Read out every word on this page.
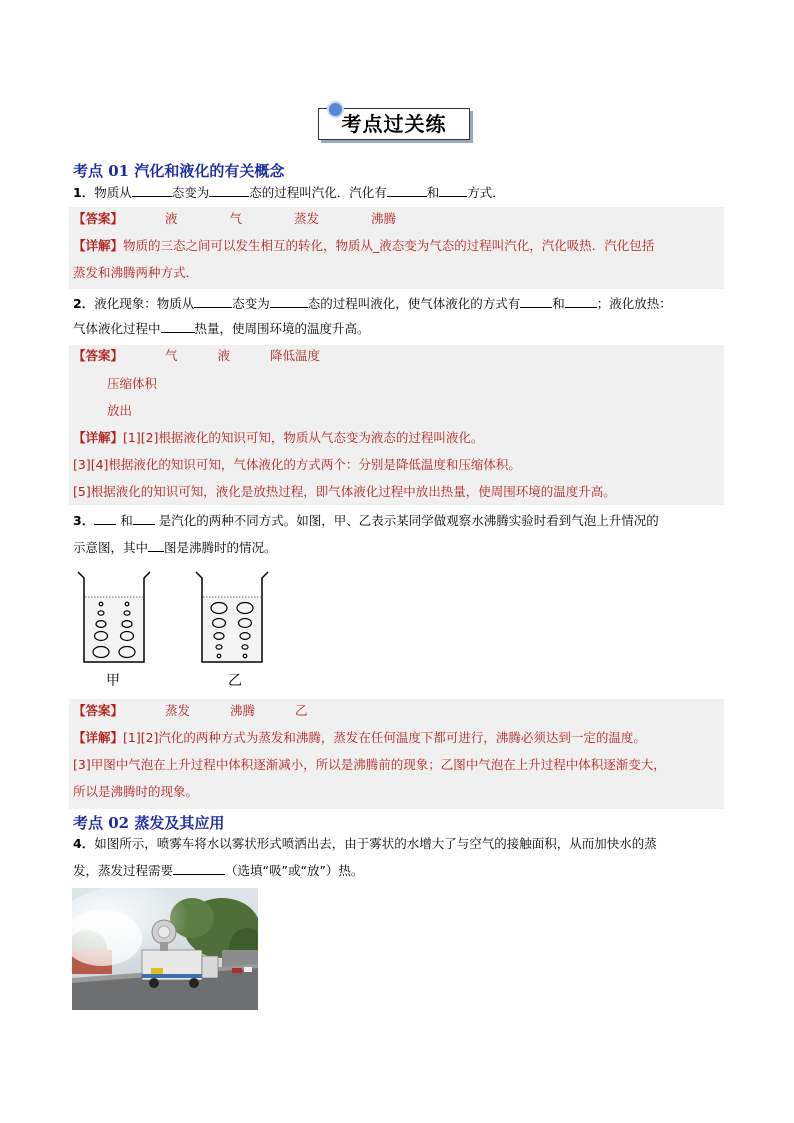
考点过关练
考点 01 汽化和液化的有关概念
1．物质从	态变为	态的过程叫汽化．汽化有	和 方式．
【答案】	液	气	蒸发	沸腾
【详解】物质的三态之间可以发生相互的转化，物质从_液态变为气态的过程叫汽化，汽化吸热．汽化包括
蒸发和沸腾两种方式．
2．液化现象：物质从	态变为	态的过程叫液化，使气体液化的方式有	和	；液化放热：
气体液化过程中	热量，使周围环境的温度升高。
【答案】	气	液	降低温度
压缩体积
放出
【详解】[1][2]根据液化的知识可知，物质从气态变为液态的过程叫液化。
[3][4]根据液化的知识可知，气体液化的方式两个：分别是降低温度和压缩体积。
[5]根据液化的知识可知，液化是放热过程，即气体液化过程中放出热量，使周围环境的温度升高。
3． 和 是汽化的两种不同方式。如图，甲、乙表示某同学做观察水沸腾实验时看到气泡上升情况的
示意图，其中 图是沸腾时的情况。
甲	乙
【答案】	蒸发	沸腾	乙
【详解】[1][2]汽化的两种方式为蒸发和沸腾，蒸发在任何温度下都可进行，沸腾必须达到一定的温度。
[3]甲图中气泡在上升过程中体积逐渐减小，所以是沸腾前的现象；乙图中气泡在上升过程中体积逐渐变大，
所以是沸腾时的现象。
考点 02 蒸发及其应用
4．如图所示，喷雾车将水以雾状形式喷洒出去，由于雾状的水增大了与空气的接触面积，从而加快水的蒸
发，蒸发过程需要	（选填“吸”或“放”）热。
